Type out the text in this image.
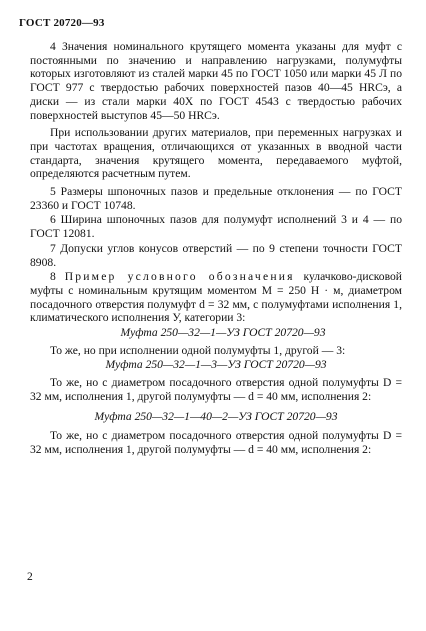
ГОСТ 20720—93

4 Значения номинального крутящего момента указаны для муфт с постоянными по значению и направлению нагрузками, полумуфты которых изготовляют из сталей марки 45 по ГОСТ 1050 или марки 45 Л по ГОСТ 977 с твердостью рабочих поверхностей пазов 40—45 HRCэ, а диски — из стали марки 40Х по ГОСТ 4543 с твердостью рабочих поверхностей выступов 45—50 HRCэ.

При использовании других материалов, при переменных нагрузках и при частотах вращения, отличающихся от указанных в вводной части стандарта, значения крутящего момента, передаваемого муфтой, определяются расчетным путем.

5 Размеры шпоночных пазов и предельные отклонения — по ГОСТ 23360 и ГОСТ 10748.

6 Ширина шпоночных пазов для полумуфт исполнений 3 и 4 — по ГОСТ 12081.

7 Допуски углов конусов отверстий — по 9 степени точности ГОСТ 8908.

8 Пример условного обозначения кулачково-дисковой муфты с номинальным крутящим моментом M = 250 Н · м, диаметром посадочного отверстия полумуфт d = 32 мм, с полумуфтами исполнения 1, климатического исполнения У, категории 3:

Муфта 250—32—1—УЗ ГОСТ 20720—93

То же, но при исполнении одной полумуфты 1, другой — 3:

Муфта 250—32—1—3—УЗ ГОСТ 20720—93

То же, но с диаметром посадочного отверстия одной полумуфты D = 32 мм, исполнения 1, другой полумуфты — d = 40 мм, исполнения 2:

Муфта 250—32—1—40—2—УЗ ГОСТ 20720—93

То же, но с диаметром посадочного отверстия одной полумуфты D = 32 мм, исполнения 1, другой полумуфты — d = 40 мм, исполнения 2:

2
